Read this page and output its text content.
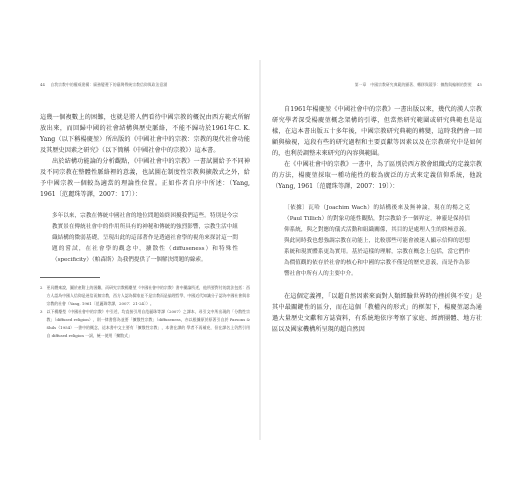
44 自我宗教中的權威建構：廟務變遷下的臺灣傳統宗教信仰與政治意涵

這幾一個複數上的困難，也就是將人們看待中國宗教的概況由西方範式所解放出來，而回歸中國的社會結構與歷史脈絡，不能不歸功於1961年C. K. Yang（以下稱楊慶堃）所出版的《中國社會中的宗教：宗教的現代社會功能及其歷史因素之研究》（以下簡稱《中國社會中的宗教》）這本書。

出於結構功能論的分析觀點，《中國社會中的宗教》一書試圖給予不同神及不同宗教在整體性脈絡裡的意義，也試圖在制度性宗教與擴散式之外，給予中國宗教一個較為適當的理論性位置。正如作者自序中所述：（Yang, 1961〔范麗珠等譯，2007：17〕）：

多年以來，宗教在傳統中國社會的地位問題始終困擾我們這些。特別是今宗教實景在傳統社會中的作用所具有的神秘和傳統的強烈影響，宗教生活中組織結構的微弱基礎，呈現出此的這部著作是透過社會學的視角來探討這一問題的嘗試，在社會學的觀念中，擴散性（diffuseness）和特殊性（specificity）（帕森斯）為我們提供了一個解決問題的線索。

2 更具體來說，圖於產附上的困難，而研究宗教楊慶堃《中國社會中的宗教》書中藥論所述，他所要對付的說法包括：西方人認為中國人信仰是迷信而無宗教，西方人認為儒家並不是宗教而是倫理哲學，中國近代知識分子認為中國社會與非宗教的社會（Yang, 1961〔范麗珠等譯，2007：21-24〕）。
3 以下楊慶堃《中國社會中的宗教》中引述，均直接引用自范麗珠等譯（2007）之譯本，尋引文中所出現的「分散性宗教」（diffused religion），則一律書寫為並要「擴散性宗教」（diffuseness，亦以根據原於原著引自於 Parsons & Shils（1954）一書中的概念，這本書中文主要有「擴散性宗教」，本書在譯的 學者不再補充，但在譯名上仍然引用自 diffused religion 一詞，統一使用「擴散式」
第一章　中國宗教研究典範的顯著、轉移與競爭：擴散與編制的對照 45

自1961年楊慶堃《中國社會中的宗教》一書出版以來，幾代的漢人宗教研究學者深受楊慶堃概念架構的引導，但當然研究範圍或研究典範也是這樣，在這本書出版五十多年後，中國宗教研究典範的轉變，這時我們會一回顧與檢視，這段有些的研究過程和主要貢獻等因素以及在宗教研究中是如何的，也利於調整未來研究的內容與範圍。

在《中國社會中的宗教》一書中，為了區別於西方教會組織式的定義宗教的方法，楊慶堃採取一種功能性的較為廣泛的方式來定義信仰系統，他說（Yang, 1961〔范麗珠等譯，2007：19〕）：

〔依據〕瓦哈（Joachim Wach）的結構後來及無神論，現在的楊之克（Paul Tillich）的對象功能性觀點，對宗教給予一個界定，神靈是保持信仰系統，與之對應的儀式活動和組織關係，其目的是處理人生的終極意義。與此同時我也想強調宗教在功能上，比較那些可能會被迷人顯示信仰的思想系統和現實體系更為實用。基於這樣的理解，宗教在概念上包括，當它們作為價值觀的依存於社會的核心和中國的宗教不僅是的歷史意義，而是作為影響社會中所有人的主要中介。

在這個定義裡，「以超自然因素來面對人類經驗世界時的挫折與不安」是其中最關鍵性的區分，而在這個「教權內的形式」的框架下，楊慶堃認為通過大量歷史文獻和方誌資料，有系統地依序考察了家庭、經濟團體、地方社區以及國家機構所呈現的超自然因
